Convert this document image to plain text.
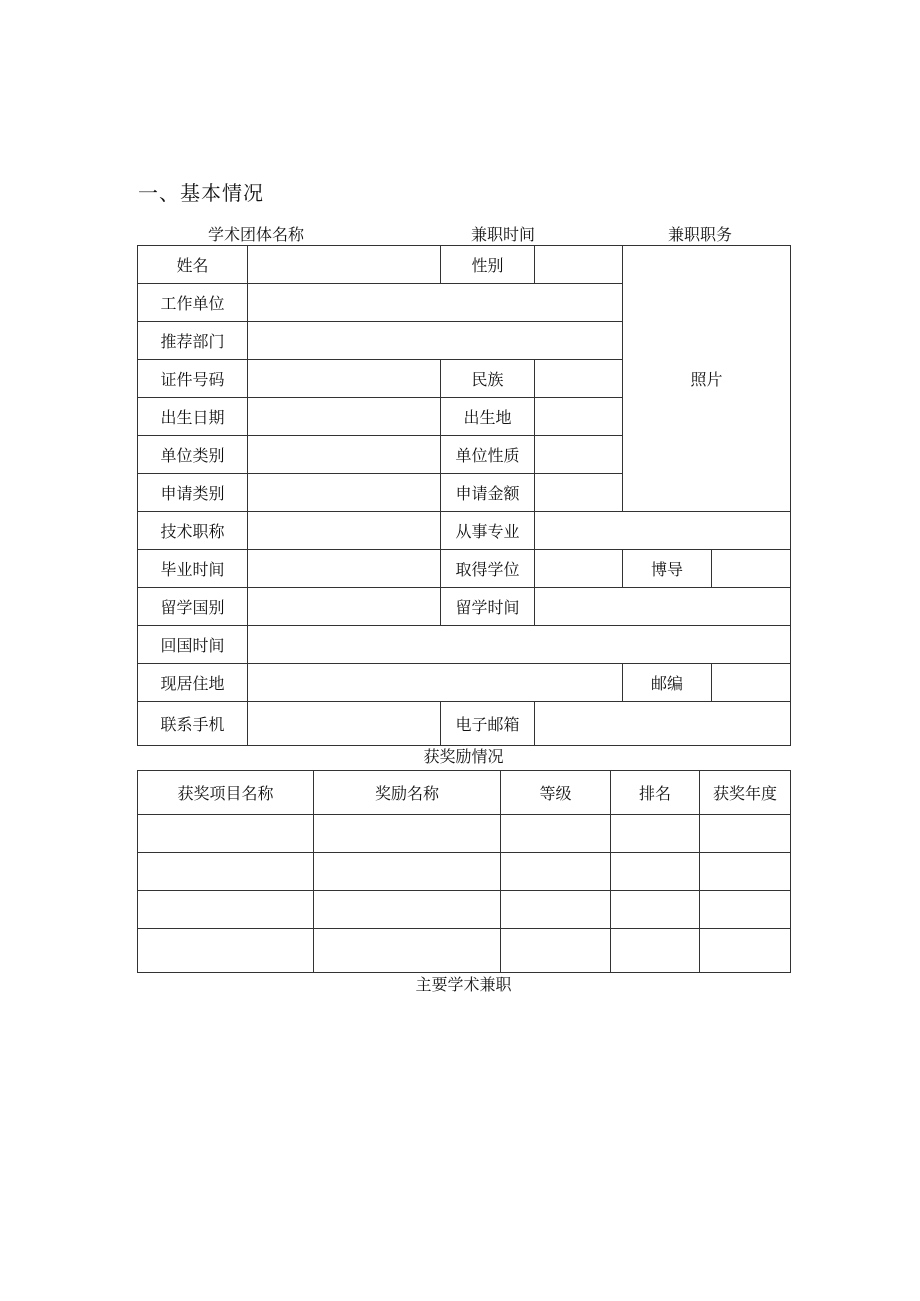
一、基本情况
学术团体名称	兼职时间	兼职职务
姓名		性别		照片	
工作单位					
推荐部门					
证件号码		民族			
出生日期		出生地			
单位类别		单位性质			
申请类别		申请金额			
技术职称		从事专业			
毕业时间		取得学位		博导	
留学国别		留学时间			
回国时间					
现居住地				邮编	
联系手机		电子邮箱			
获奖励情况
获奖项目名称	奖励名称	等级	排名	获奖年度

主要学术兼职
